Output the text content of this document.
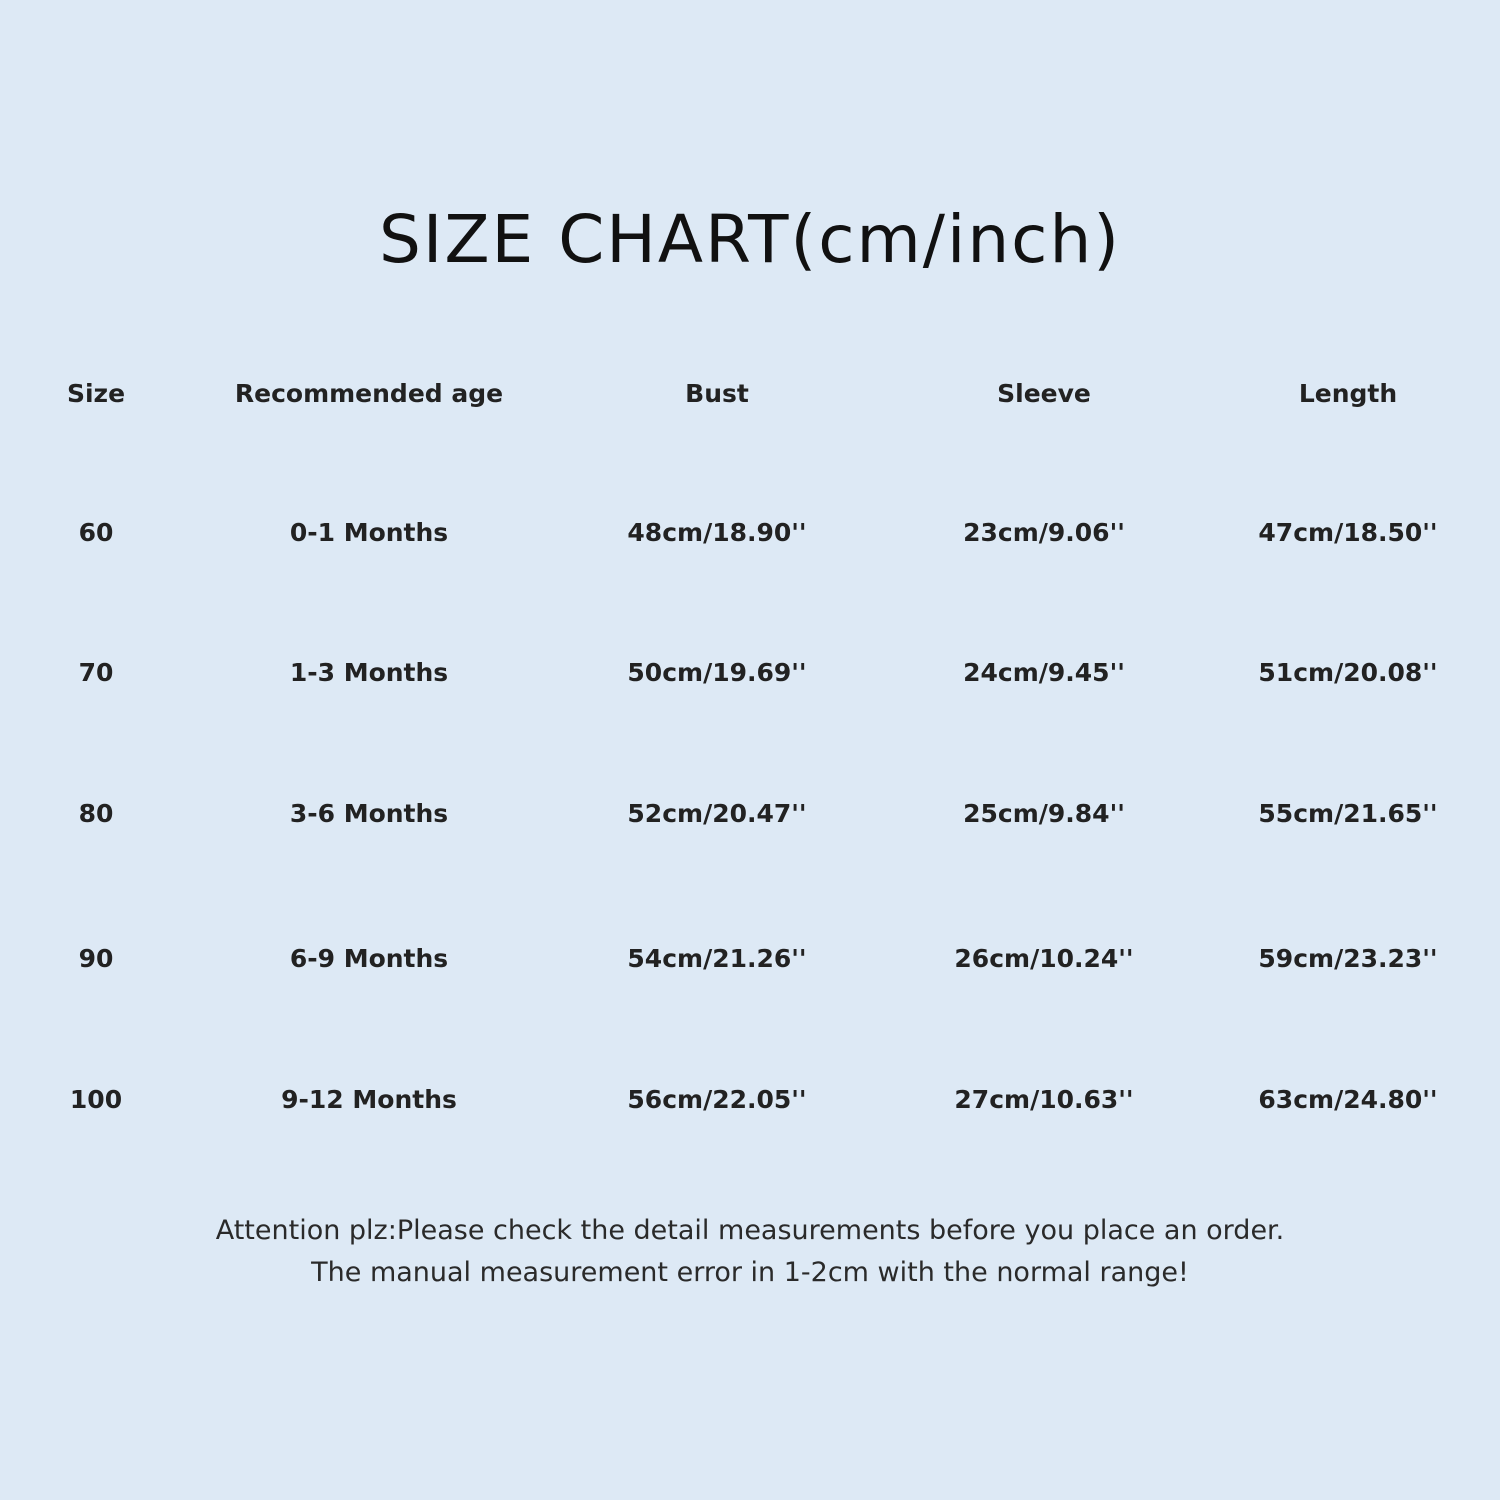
SIZE CHART(cm/inch)
Size	Recommended age	Bust	Sleeve	Length
60	0-1 Months	48cm/18.90''	23cm/9.06''	47cm/18.50''
70	1-3 Months	50cm/19.69''	24cm/9.45''	51cm/20.08''
80	3-6 Months	52cm/20.47''	25cm/9.84''	55cm/21.65''
90	6-9 Months	54cm/21.26''	26cm/10.24''	59cm/23.23''
100	9-12 Months	56cm/22.05''	27cm/10.63''	63cm/24.80''
Attention plz:Please check the detail measurements before you place an order.
The manual measurement error in 1-2cm with the normal range!
